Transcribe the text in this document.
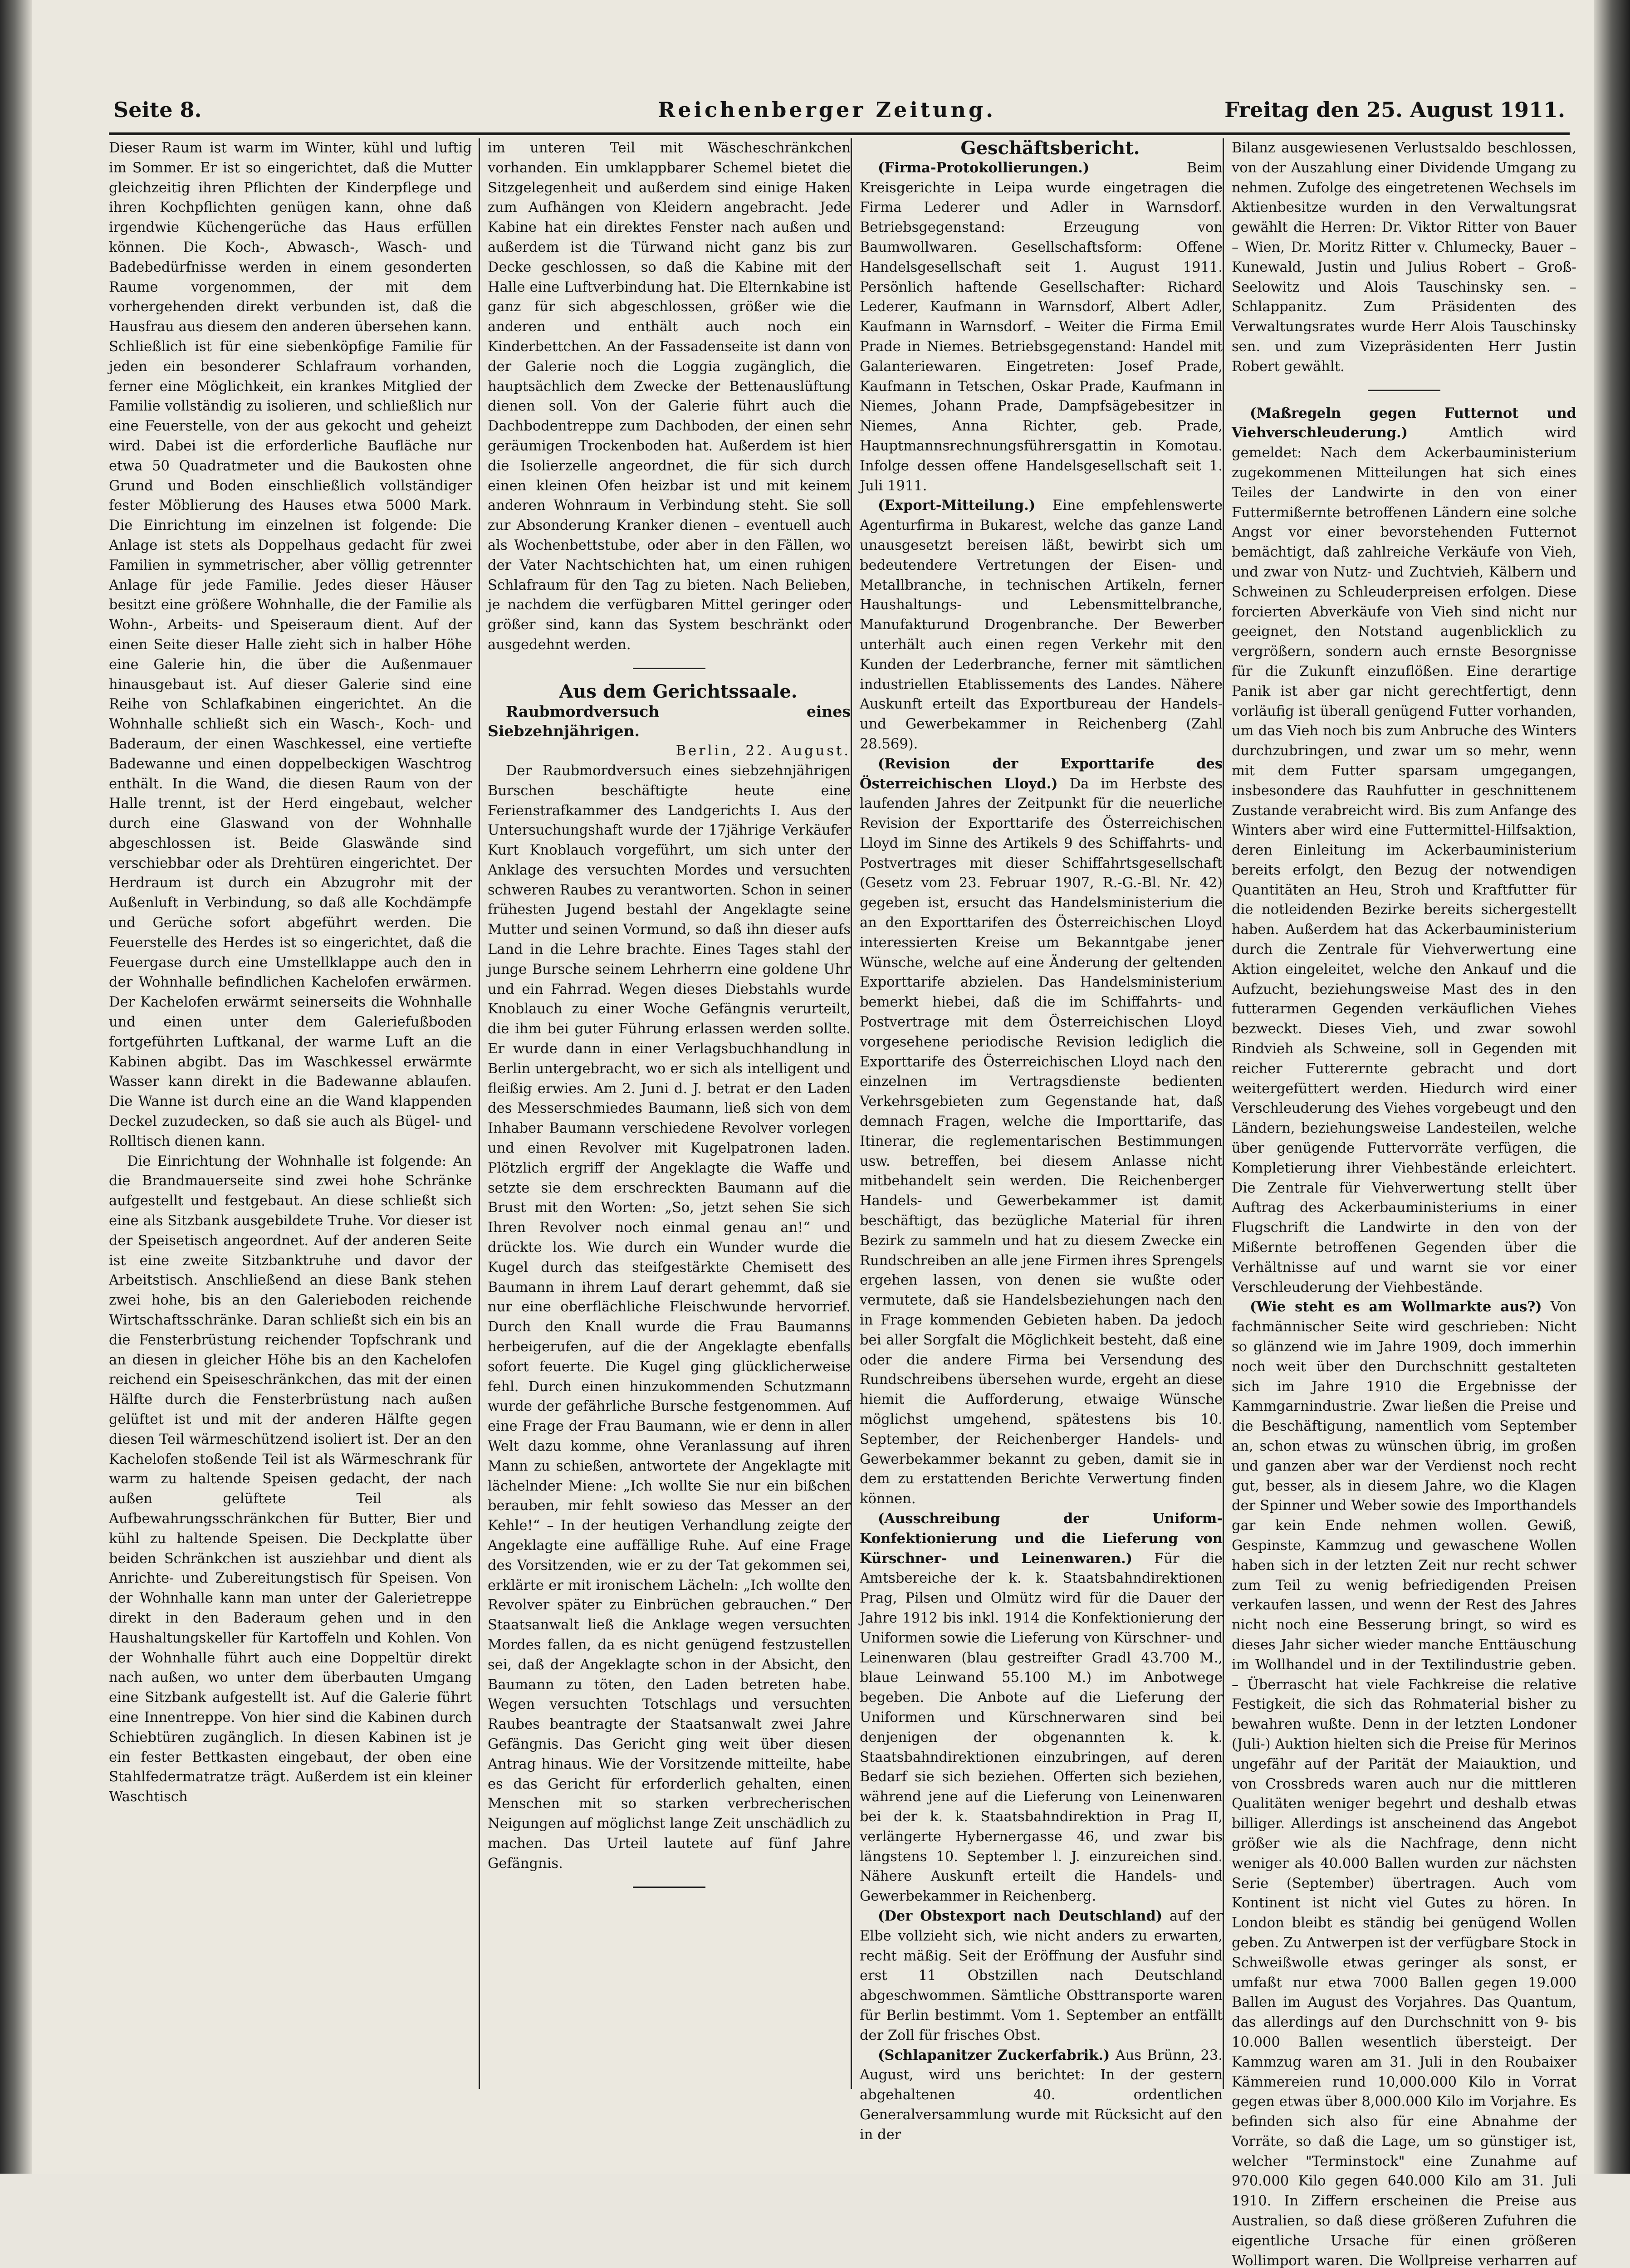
Seite 8.	Reichenberger Zeitung.	Freitag den 25. August 1911.

Dieser Raum ist warm im Winter, kühl und luftig im Sommer. Er ist so eingerichtet, daß die Mutter gleichzeitig ihren Pflichten der Kinderpflege und ihren Kochpflichten genügen kann, ohne daß irgendwie Küchengerüche das Haus erfüllen können. Die Koch-, Abwasch-, Wasch- und Badebedürfnisse werden in einem gesonderten Raume vorgenommen, der mit dem vorhergehenden direkt verbunden ist, daß die Hausfrau aus diesem den anderen übersehen kann. Schließlich ist für eine siebenköpfige Familie für jeden ein besonderer Schlafraum vorhanden, ferner eine Möglichkeit, ein krankes Mitglied der Familie vollständig zu isolieren, und schließlich nur eine Feuerstelle, von der aus gekocht und geheizt wird. Dabei ist die erforderliche Baufläche nur etwa 50 Quadratmeter und die Baukosten ohne Grund und Boden einschließlich vollständiger fester Möblierung des Hauses etwa 5000 Mark. Die Einrichtung im einzelnen ist folgende: Die Anlage ist stets als Doppelhaus gedacht für zwei Familien in symmetrischer, aber völlig getrennter Anlage für jede Familie. Jedes dieser Häuser besitzt eine größere Wohnhalle, die der Familie als Wohn-, Arbeits- und Speiseraum dient. Auf der einen Seite dieser Halle zieht sich in halber Höhe eine Galerie hin, die über die Außenmauer hinausgebaut ist. Auf dieser Galerie sind eine Reihe von Schlafkabinen eingerichtet. An die Wohnhalle schließt sich ein Wasch-, Koch- und Baderaum, der einen Waschkessel, eine vertiefte Badewanne und einen doppelbeckigen Waschtrog enthält. In die Wand, die diesen Raum von der Halle trennt, ist der Herd eingebaut, welcher durch eine Glaswand von der Wohnhalle abgeschlossen ist. Beide Glaswände sind verschiebbar oder als Drehtüren eingerichtet. Der Herdraum ist durch ein Abzugrohr mit der Außenluft in Verbindung, so daß alle Kochdämpfe und Gerüche sofort abgeführt werden. Die Feuerstelle des Herdes ist so eingerichtet, daß die Feuergase durch eine Umstellklappe auch den in der Wohnhalle befindlichen Kachelofen erwärmen. Der Kachelofen erwärmt seinerseits die Wohnhalle und einen unter dem Galeriefußboden fortgeführten Luftkanal, der warme Luft an die Kabinen abgibt. Das im Waschkessel erwärmte Wasser kann direkt in die Badewanne ablaufen. Die Wanne ist durch eine an die Wand klappenden Deckel zuzudecken, so daß sie auch als Bügel- und Rolltisch dienen kann.

Die Einrichtung der Wohnhalle ist folgende: An die Brandmauerseite sind zwei hohe Schränke aufgestellt und festgebaut. An diese schließt sich eine als Sitzbank ausgebildete Truhe. Vor dieser ist der Speisetisch angeordnet. Auf der anderen Seite ist eine zweite Sitzbanktruhe und davor der Arbeitstisch. Anschließend an diese Bank stehen zwei hohe, bis an den Galerieboden reichende Wirtschaftsschränke. Daran schließt sich ein bis an die Fensterbrüstung reichender Topfschrank und an diesen in gleicher Höhe bis an den Kachelofen reichend ein Speiseschränkchen, das mit der einen Hälfte durch die Fensterbrüstung nach außen gelüftet ist und mit der anderen Hälfte gegen diesen Teil wärmeschützend isoliert ist. Der an den Kachelofen stoßende Teil ist als Wärmeschrank für warm zu haltende Speisen gedacht, der nach außen gelüftete Teil als Aufbewahrungsschränkchen für Butter, Bier und kühl zu haltende Speisen. Die Deckplatte über beiden Schränkchen ist ausziehbar und dient als Anrichte- und Zubereitungstisch für Speisen. Von der Wohnhalle kann man unter der Galerietreppe direkt in den Baderaum gehen und in den Haushaltungskeller für Kartoffeln und Kohlen. Von der Wohnhalle führt auch eine Doppeltür direkt nach außen, wo unter dem überbauten Umgang eine Sitzbank aufgestellt ist. Auf die Galerie führt eine Innentreppe. Von hier sind die Kabinen durch Schiebtüren zugänglich. In diesen Kabinen ist je ein fester Bettkasten eingebaut, der oben eine Stahlfedermatratze trägt. Außerdem ist ein kleiner Waschtisch

im unteren Teil mit Wäscheschränkchen vorhanden. Ein umklappbarer Schemel bietet die Sitzgelegenheit und außerdem sind einige Haken zum Aufhängen von Kleidern angebracht. Jede Kabine hat ein direktes Fenster nach außen und außerdem ist die Türwand nicht ganz bis zur Decke geschlossen, so daß die Kabine mit der Halle eine Luftverbindung hat. Die Elternkabine ist ganz für sich abgeschlossen, größer wie die anderen und enthält auch noch ein Kinderbettchen. An der Fassadenseite ist dann von der Galerie noch die Loggia zugänglich, die hauptsächlich dem Zwecke der Bettenauslüftung dienen soll. Von der Galerie führt auch die Dachbodentreppe zum Dachboden, der einen sehr geräumigen Trockenboden hat. Außerdem ist hier die Isolierzelle angeordnet, die für sich durch einen kleinen Ofen heizbar ist und mit keinem anderen Wohnraum in Verbindung steht. Sie soll zur Absonderung Kranker dienen – eventuell auch als Wochenbettstube, oder aber in den Fällen, wo der Vater Nachtschichten hat, um einen ruhigen Schlafraum für den Tag zu bieten. Nach Belieben, je nachdem die verfügbaren Mittel geringer oder größer sind, kann das System beschränkt oder ausgedehnt werden.

Aus dem Gerichtssaale.

Raubmordversuch eines Siebzehnjährigen.

Berlin, 22. August.

Der Raubmordversuch eines siebzehnjährigen Burschen beschäftigte heute eine Ferienstrafkammer des Landgerichts I. Aus der Untersuchungshaft wurde der 17jährige Verkäufer Kurt Knoblauch vorgeführt, um sich unter der Anklage des versuchten Mordes und versuchten schweren Raubes zu verantworten. Schon in seiner frühesten Jugend bestahl der Angeklagte seine Mutter und seinen Vormund, so daß ihn dieser aufs Land in die Lehre brachte. Eines Tages stahl der junge Bursche seinem Lehrherrn eine goldene Uhr und ein Fahrrad. Wegen dieses Diebstahls wurde Knoblauch zu einer Woche Gefängnis verurteilt, die ihm bei guter Führung erlassen werden sollte. Er wurde dann in einer Verlagsbuchhandlung in Berlin untergebracht, wo er sich als intelligent und fleißig erwies. Am 2. Juni d. J. betrat er den Laden des Messerschmiedes Baumann, ließ sich von dem Inhaber Baumann verschiedene Revolver vorlegen und einen Revolver mit Kugelpatronen laden. Plötzlich ergriff der Angeklagte die Waffe und setzte sie dem erschreckten Baumann auf die Brust mit den Worten: „So, jetzt sehen Sie sich Ihren Revolver noch einmal genau an!“ und drückte los. Wie durch ein Wunder wurde die Kugel durch das steifgestärkte Chemisett des Baumann in ihrem Lauf derart gehemmt, daß sie nur eine oberflächliche Fleischwunde hervorrief. Durch den Knall wurde die Frau Baumanns herbeigerufen, auf die der Angeklagte ebenfalls sofort feuerte. Die Kugel ging glücklicherweise fehl. Durch einen hinzukommenden Schutzmann wurde der gefährliche Bursche festgenommen. Auf eine Frage der Frau Baumann, wie er denn in aller Welt dazu komme, ohne Veranlassung auf ihren Mann zu schießen, antwortete der Angeklagte mit lächelnder Miene: „Ich wollte Sie nur ein bißchen berauben, mir fehlt sowieso das Messer an der Kehle!“ – In der heutigen Verhandlung zeigte der Angeklagte eine auffällige Ruhe. Auf eine Frage des Vorsitzenden, wie er zu der Tat gekommen sei, erklärte er mit ironischem Lächeln: „Ich wollte den Revolver später zu Einbrüchen gebrauchen.“ Der Staatsanwalt ließ die Anklage wegen versuchten Mordes fallen, da es nicht genügend festzustellen sei, daß der Angeklagte schon in der Absicht, den Baumann zu töten, den Laden betreten habe. Wegen versuchten Totschlags und versuchten Raubes beantragte der Staatsanwalt zwei Jahre Gefängnis. Das Gericht ging weit über diesen Antrag hinaus. Wie der Vorsitzende mitteilte, habe es das Gericht für erforderlich gehalten, einen Menschen mit so starken verbrecherischen Neigungen auf möglichst lange Zeit unschädlich zu machen. Das Urteil lautete auf fünf Jahre Gefängnis.

Geschäftsbericht.

(Firma-Protokollierungen.)	Beim Kreisgerichte in Leipa wurde eingetragen die Firma Lederer und Adler in Warnsdorf. Betriebsgegenstand: Erzeugung von Baumwollwaren. Gesellschaftsform: Offene Handelsgesellschaft seit 1. August 1911. Persönlich haftende Gesellschafter: Richard Lederer, Kaufmann in Warnsdorf, Albert Adler, Kaufmann in Warnsdorf. – Weiter die Firma Emil Prade in Niemes. Betriebsgegenstand: Handel mit Galanteriewaren. Eingetreten: Josef Prade, Kaufmann in Tetschen, Oskar Prade, Kaufmann in Niemes, Johann Prade, Dampfsägebesitzer in Niemes, Anna Richter, geb. Prade, Hauptmannsrechnungsführersgattin in Komotau. Infolge dessen offene Handelsgesellschaft seit 1. Juli 1911.

(Export-Mitteilung.) Eine empfehlenswerte Agenturfirma in Bukarest, welche das ganze Land unausgesetzt bereisen läßt, bewirbt sich um bedeutendere Vertretungen der Eisen- und Metallbranche, in technischen Artikeln, ferner Haushaltungs- und Lebensmittelbranche, Manufakturund Drogenbranche. Der Bewerber unterhält auch einen regen Verkehr mit den Kunden der Lederbranche, ferner mit sämtlichen industriellen Etablissements des Landes. Nähere Auskunft erteilt das Exportbureau der Handels- und Gewerbekammer in Reichenberg (Zahl 28.569).

(Revision der Exporttarife des Österreichischen Lloyd.) Da im Herbste des laufenden Jahres der Zeitpunkt für die neuerliche Revision der Exporttarife des Österreichischen Lloyd im Sinne des Artikels 9 des Schiffahrts- und Postvertrages mit dieser Schiffahrtsgesellschaft (Gesetz vom 23. Februar 1907, R.-G.-Bl. Nr. 42) gegeben ist, ersucht das Handelsministerium die an den Exporttarifen des Österreichischen Lloyd interessierten Kreise um Bekanntgabe jener Wünsche, welche auf eine Änderung der geltenden Exporttarife abzielen. Das Handelsministerium bemerkt hiebei, daß die im Schiffahrts- und Postvertrage mit dem Österreichischen Lloyd vorgesehene periodische Revision lediglich die Exporttarife des Österreichischen Lloyd nach den einzelnen im Vertragsdienste bedienten Verkehrsgebieten zum Gegenstande hat, daß demnach Fragen, welche die Importtarife, das Itinerar, die reglementarischen Bestimmungen usw. betreffen, bei diesem Anlasse nicht mitbehandelt sein werden. Die Reichenberger Handels- und Gewerbekammer ist damit beschäftigt, das bezügliche Material für ihren Bezirk zu sammeln und hat zu diesem Zwecke ein Rundschreiben an alle jene Firmen ihres Sprengels ergehen lassen, von denen sie wußte oder vermutete, daß sie Handelsbeziehungen nach den in Frage kommenden Gebieten haben. Da jedoch bei aller Sorgfalt die Möglichkeit besteht, daß eine oder die andere Firma bei Versendung des Rundschreibens übersehen wurde, ergeht an diese hiemit die Aufforderung, etwaige Wünsche möglichst umgehend, spätestens bis 10. September, der Reichenberger Handels- und Gewerbekammer bekannt zu geben, damit sie in dem zu erstattenden Berichte Verwertung finden können.

(Ausschreibung der Uniform-Konfektionierung und die Lieferung von Kürschner- und Leinenwaren.) Für die Amtsbereiche der k. k. Staatsbahndirektionen Prag, Pilsen und Olmütz wird für die Dauer der Jahre 1912 bis inkl. 1914 die Konfektionierung der Uniformen sowie die Lieferung von Kürschner- und Leinenwaren (blau gestreifter Gradl 43.700 M., blaue Leinwand 55.100 M.) im Anbotwege begeben. Die Anbote auf die Lieferung der Uniformen und Kürschnerwaren sind bei denjenigen der obgenannten k. k. Staatsbahndirektionen einzubringen, auf deren Bedarf sie sich beziehen. Offerten sich beziehen, während jene auf die Lieferung von Leinenwaren bei der k. k. Staatsbahndirektion in Prag II, verlängerte Hybernergasse 46, und zwar bis längstens 10. September l. J. einzureichen sind. Nähere Auskunft erteilt die Handels- und Gewerbekammer in Reichenberg.

(Der Obstexport nach Deutschland) auf der Elbe vollzieht sich, wie nicht anders zu erwarten, recht mäßig. Seit der Eröffnung der Ausfuhr sind erst 11 Obstzillen nach Deutschland abgeschwommen. Sämtliche Obsttransporte waren für Berlin bestimmt. Vom 1. September an entfällt der Zoll für frisches Obst.

(Schlapanitzer Zuckerfabrik.) Aus Brünn, 23. August, wird uns berichtet: In der gestern abgehaltenen 40. ordentlichen Generalversammlung wurde mit Rücksicht auf den in der

Bilanz ausgewiesenen Verlustsaldo beschlossen, von der Auszahlung einer Dividende Umgang zu nehmen. Zufolge des eingetretenen Wechsels im Aktienbesitze wurden in den Verwaltungsrat gewählt die Herren: Dr. Viktor Ritter von Bauer – Wien, Dr. Moritz Ritter v. Chlumecky, Bauer – Kunewald, Justin und Julius Robert – Groß-Seelowitz und Alois Tauschinsky sen. – Schlappanitz. Zum Präsidenten des Verwaltungsrates wurde Herr Alois Tauschinsky sen. und zum Vizepräsidenten Herr Justin Robert gewählt.

(Maßregeln gegen Futternot und Viehverschleuderung.)	Amtlich wird gemeldet: Nach dem Ackerbauministerium zugekommenen Mitteilungen hat sich eines Teiles der Landwirte in den von einer Futtermißernte betroffenen Ländern eine solche Angst vor einer bevorstehenden Futternot bemächtigt, daß zahlreiche Verkäufe von Vieh, und zwar von Nutz- und Zuchtvieh, Kälbern und Schweinen zu Schleuderpreisen erfolgen. Diese forcierten Abverkäufe von Vieh sind nicht nur geeignet, den Notstand augenblicklich zu vergrößern, sondern auch ernste Besorgnisse für die Zukunft einzuflößen. Eine derartige Panik ist aber gar nicht gerechtfertigt, denn vorläufig ist überall genügend Futter vorhanden, um das Vieh noch bis zum Anbruche des Winters durchzubringen, und zwar um so mehr, wenn mit dem Futter sparsam umgegangen, insbesondere das Rauhfutter in geschnittenem Zustande verabreicht wird. Bis zum Anfange des Winters aber wird eine Futtermittel-Hilfsaktion, deren Einleitung im Ackerbauministerium bereits erfolgt, den Bezug der notwendigen Quantitäten an Heu, Stroh und Kraftfutter für die notleidenden Bezirke bereits sichergestellt haben. Außerdem hat das Ackerbauministerium durch die Zentrale für Viehverwertung eine Aktion eingeleitet, welche den Ankauf und die Aufzucht, beziehungsweise Mast des in den futterarmen Gegenden verkäuflichen Viehes bezweckt. Dieses Vieh, und zwar sowohl Rindvieh als Schweine, soll in Gegenden mit reicher Futterernte gebracht und dort weitergefüttert werden. Hiedurch wird einer Verschleuderung des Viehes vorgebeugt und den Ländern, beziehungsweise Landesteilen, welche über genügende Futtervorräte verfügen, die Kompletierung ihrer Viehbestände erleichtert. Die Zentrale für Viehverwertung stellt über Auftrag des Ackerbauministeriums in einer Flugschrift die Landwirte in den von der Mißernte betroffenen Gegenden über die Verhältnisse auf und warnt sie vor einer Verschleuderung der Viehbestände.

(Wie steht es am Wollmarkte aus?) Von fachmännischer Seite wird geschrieben: Nicht so glänzend wie im Jahre 1909, doch immerhin noch weit über den Durchschnitt gestalteten sich im Jahre 1910 die Ergebnisse der Kammgarnindustrie. Zwar ließen die Preise und die Beschäftigung, namentlich vom September an, schon etwas zu wünschen übrig, im großen und ganzen aber war der Verdienst noch recht gut, besser, als in diesem Jahre, wo die Klagen der Spinner und Weber sowie des Importhandels gar kein Ende nehmen wollen. Gewiß, Gespinste, Kammzug und gewaschene Wollen haben sich in der letzten Zeit nur recht schwer zum Teil zu wenig befriedigenden Preisen verkaufen lassen, und wenn der Rest des Jahres nicht noch eine Besserung bringt, so wird es dieses Jahr sicher wieder manche Enttäuschung im Wollhandel und in der Textilindustrie geben. – Überrascht hat viele Fachkreise die relative Festigkeit, die sich das Rohmaterial bisher zu bewahren wußte. Denn in der letzten Londoner (Juli-) Auktion hielten sich die Preise für Merinos ungefähr auf der Parität der Maiauktion, und von Crossbreds waren auch nur die mittleren Qualitäten weniger begehrt und deshalb etwas billiger. Allerdings ist anscheinend das Angebot größer wie als die Nachfrage, denn nicht weniger als 40.000 Ballen wurden zur nächsten Serie (September) übertragen. Auch vom Kontinent ist nicht viel Gutes zu hören. In London bleibt es ständig bei genügend Wollen geben. Zu Antwerpen ist der verfügbare Stock in Schweißwolle etwas geringer als sonst, er umfaßt nur etwa 7000 Ballen gegen 19.000 Ballen im August des Vorjahres. Das Quantum, das allerdings auf den Durchschnitt von 9- bis 10.000 Ballen wesentlich übersteigt. Der Kammzug waren am 31. Juli in den Roubaixer Kämmereien rund 10,000.000 Kilo in Vorrat gegen etwas über 8,000.000 Kilo im Vorjahre. Es befinden sich also für eine Abnahme der Vorräte, so daß die Lage, um so günstiger ist, welcher "Terminstock" eine Zunahme auf 970.000 Kilo gegen 640.000 Kilo am 31. Juli 1910. In Ziffern erscheinen die Preise aus Australien, so daß diese größeren Zufuhren die eigentliche Ursache für einen größeren Wollimport waren. Die Wollpreise verharren auf
